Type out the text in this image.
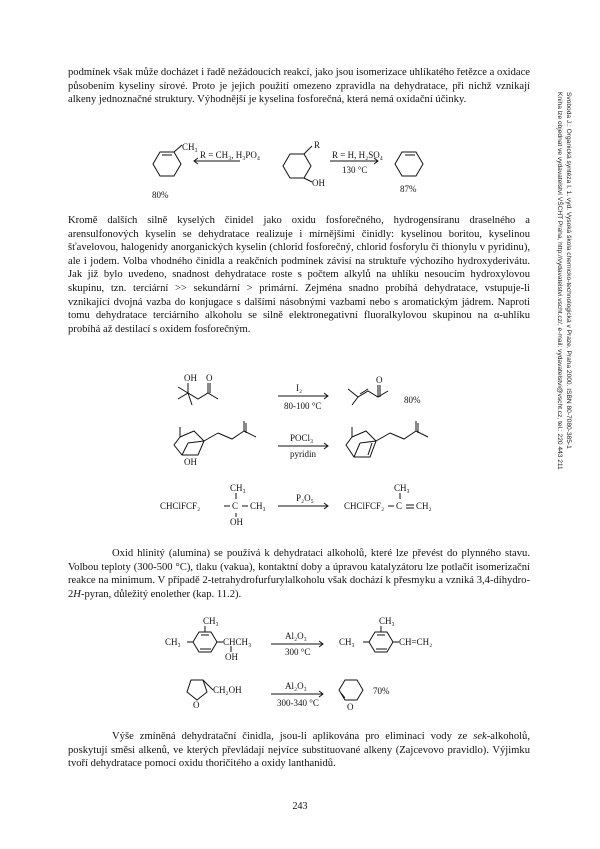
podmínek však může docházet i řadě nežádoucích reakcí, jako jsou isomerizace uhlíkatého řetězce a oxidace působením kyseliny sírové. Proto je jejich použití omezeno zpravidla na dehydratace, při nichž vznikají alkeny jednoznačné struktury. Výhodnější je kyselina fosforečná, která nemá oxidační účinky.

CH₃
R = CH₃, H₃PO₄
R
OH
R = H, H₂SO₄
130 °C
80%
87%

Kromě dalších silně kyselých činidel jako oxidu fosforečného, hydrogensíranu draselného a arensulfonových kyselin se dehydratace realizuje i mírnějšími činidly: kyselinou boritou, kyselinou šťavelovou, halogenidy anorganických kyselin (chlorid fosforečný, chlorid fosforylu či thionylu v pyridinu), ale i jodem. Volba vhodného činidla a reakčních podmínek závisí na struktuře výchozího hydroxyderivátu. Jak již bylo uvedeno, snadnost dehydratace roste s počtem alkylů na uhlíku nesoucím hydroxylovou skupinu, tzn. terciární >> sekundární > primární. Zejména snadno probíhá dehydratace, vstupuje-li vznikající dvojná vazba do konjugace s dalšími násobnými vazbami nebo s aromatickým jádrem. Naproti tomu dehydratace terciárního alkoholu se silně elektronegativní fluoralkylovou skupinou na α-uhlíku probíhá až destilací s oxidem fosforečným.

OH O
I₂
80-100 °C
O
80%
OH
POCl₃
pyridin
CH₃
CHClFCF₂	C CH₃
OH
P₂O₅
CH₃
CHClFCF₂ C CH₂

Oxid hlinitý (alumina) se používá k dehydrataci alkoholů, které lze převést do plynného stavu. Volbou teploty (300-500 °C), tlaku (vakua), kontaktní doby a úpravou katalyzátoru lze potlačit isomerizační reakce na minimum. V případě 2-tetrahydrofurfurylalkoholu však dochází k přesmyku a vzniká 3,4-dihydro-2H-pyran, důležitý enolether (kap. 11.2).

CH₃
CH₃	CHCH₃
OH
Al₂O₃
300 °C
CH₃
CH₃	CH=CH₂
O
CH₂OH	Al₂O₃
300-340 °C	O
70%

Výše zmíněná dehydratační činidla, jsou-li aplikována pro eliminaci vody ze sek-alkoholů, poskytují směsi alkenů, ve kterých převládají nejvíce substituované alkeny (Zajcevovo pravidlo). Výjimku tvoří dehydratace pomocí oxidu thoričitého a oxidy lanthanidů.

Svoboda J.: Organická syntéza I. 1. vyd. Vysoká škola chemicko-technologická v Praze, Praha 2000. ISBN 80-7080-385-1
Kniha lze objednat ve vydavatelství VŠCHT Praha, http://vydavatelstvi.vscht.cz/, e-mail: vydavatelstvi@vscht.cz, tel.: 220 443 211
243
